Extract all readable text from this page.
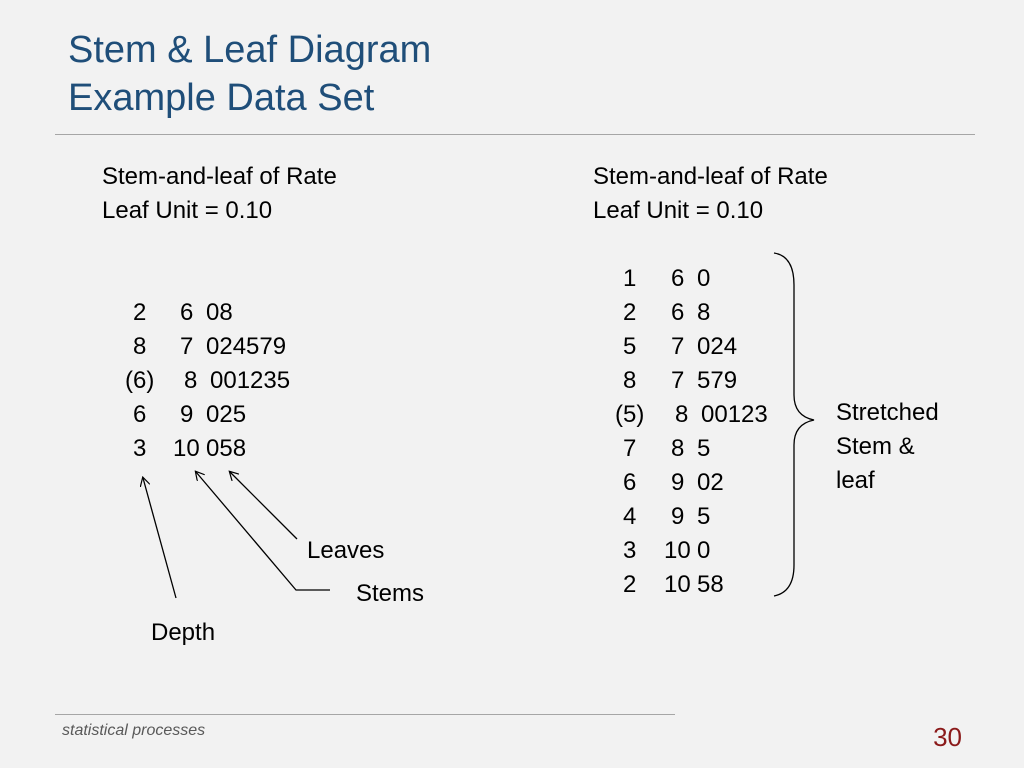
Stem & Leaf Diagram
Example Data Set
Stem-and-leaf of Rate
Leaf Unit = 0.10
2 6 08
8 7 024579
(6) 8 001235
6 9 025
3 10 058
Leaves
Stems
Depth
Stem-and-leaf of Rate
Leaf Unit = 0.10
1 6 0
2 6 8
5 7 024
8 7 579
(5) 8 00123
7 8 5
6 9 02
4 9 5
3 10 0
2 10 58
Stretched
Stem &
leaf
statistical processes	30
